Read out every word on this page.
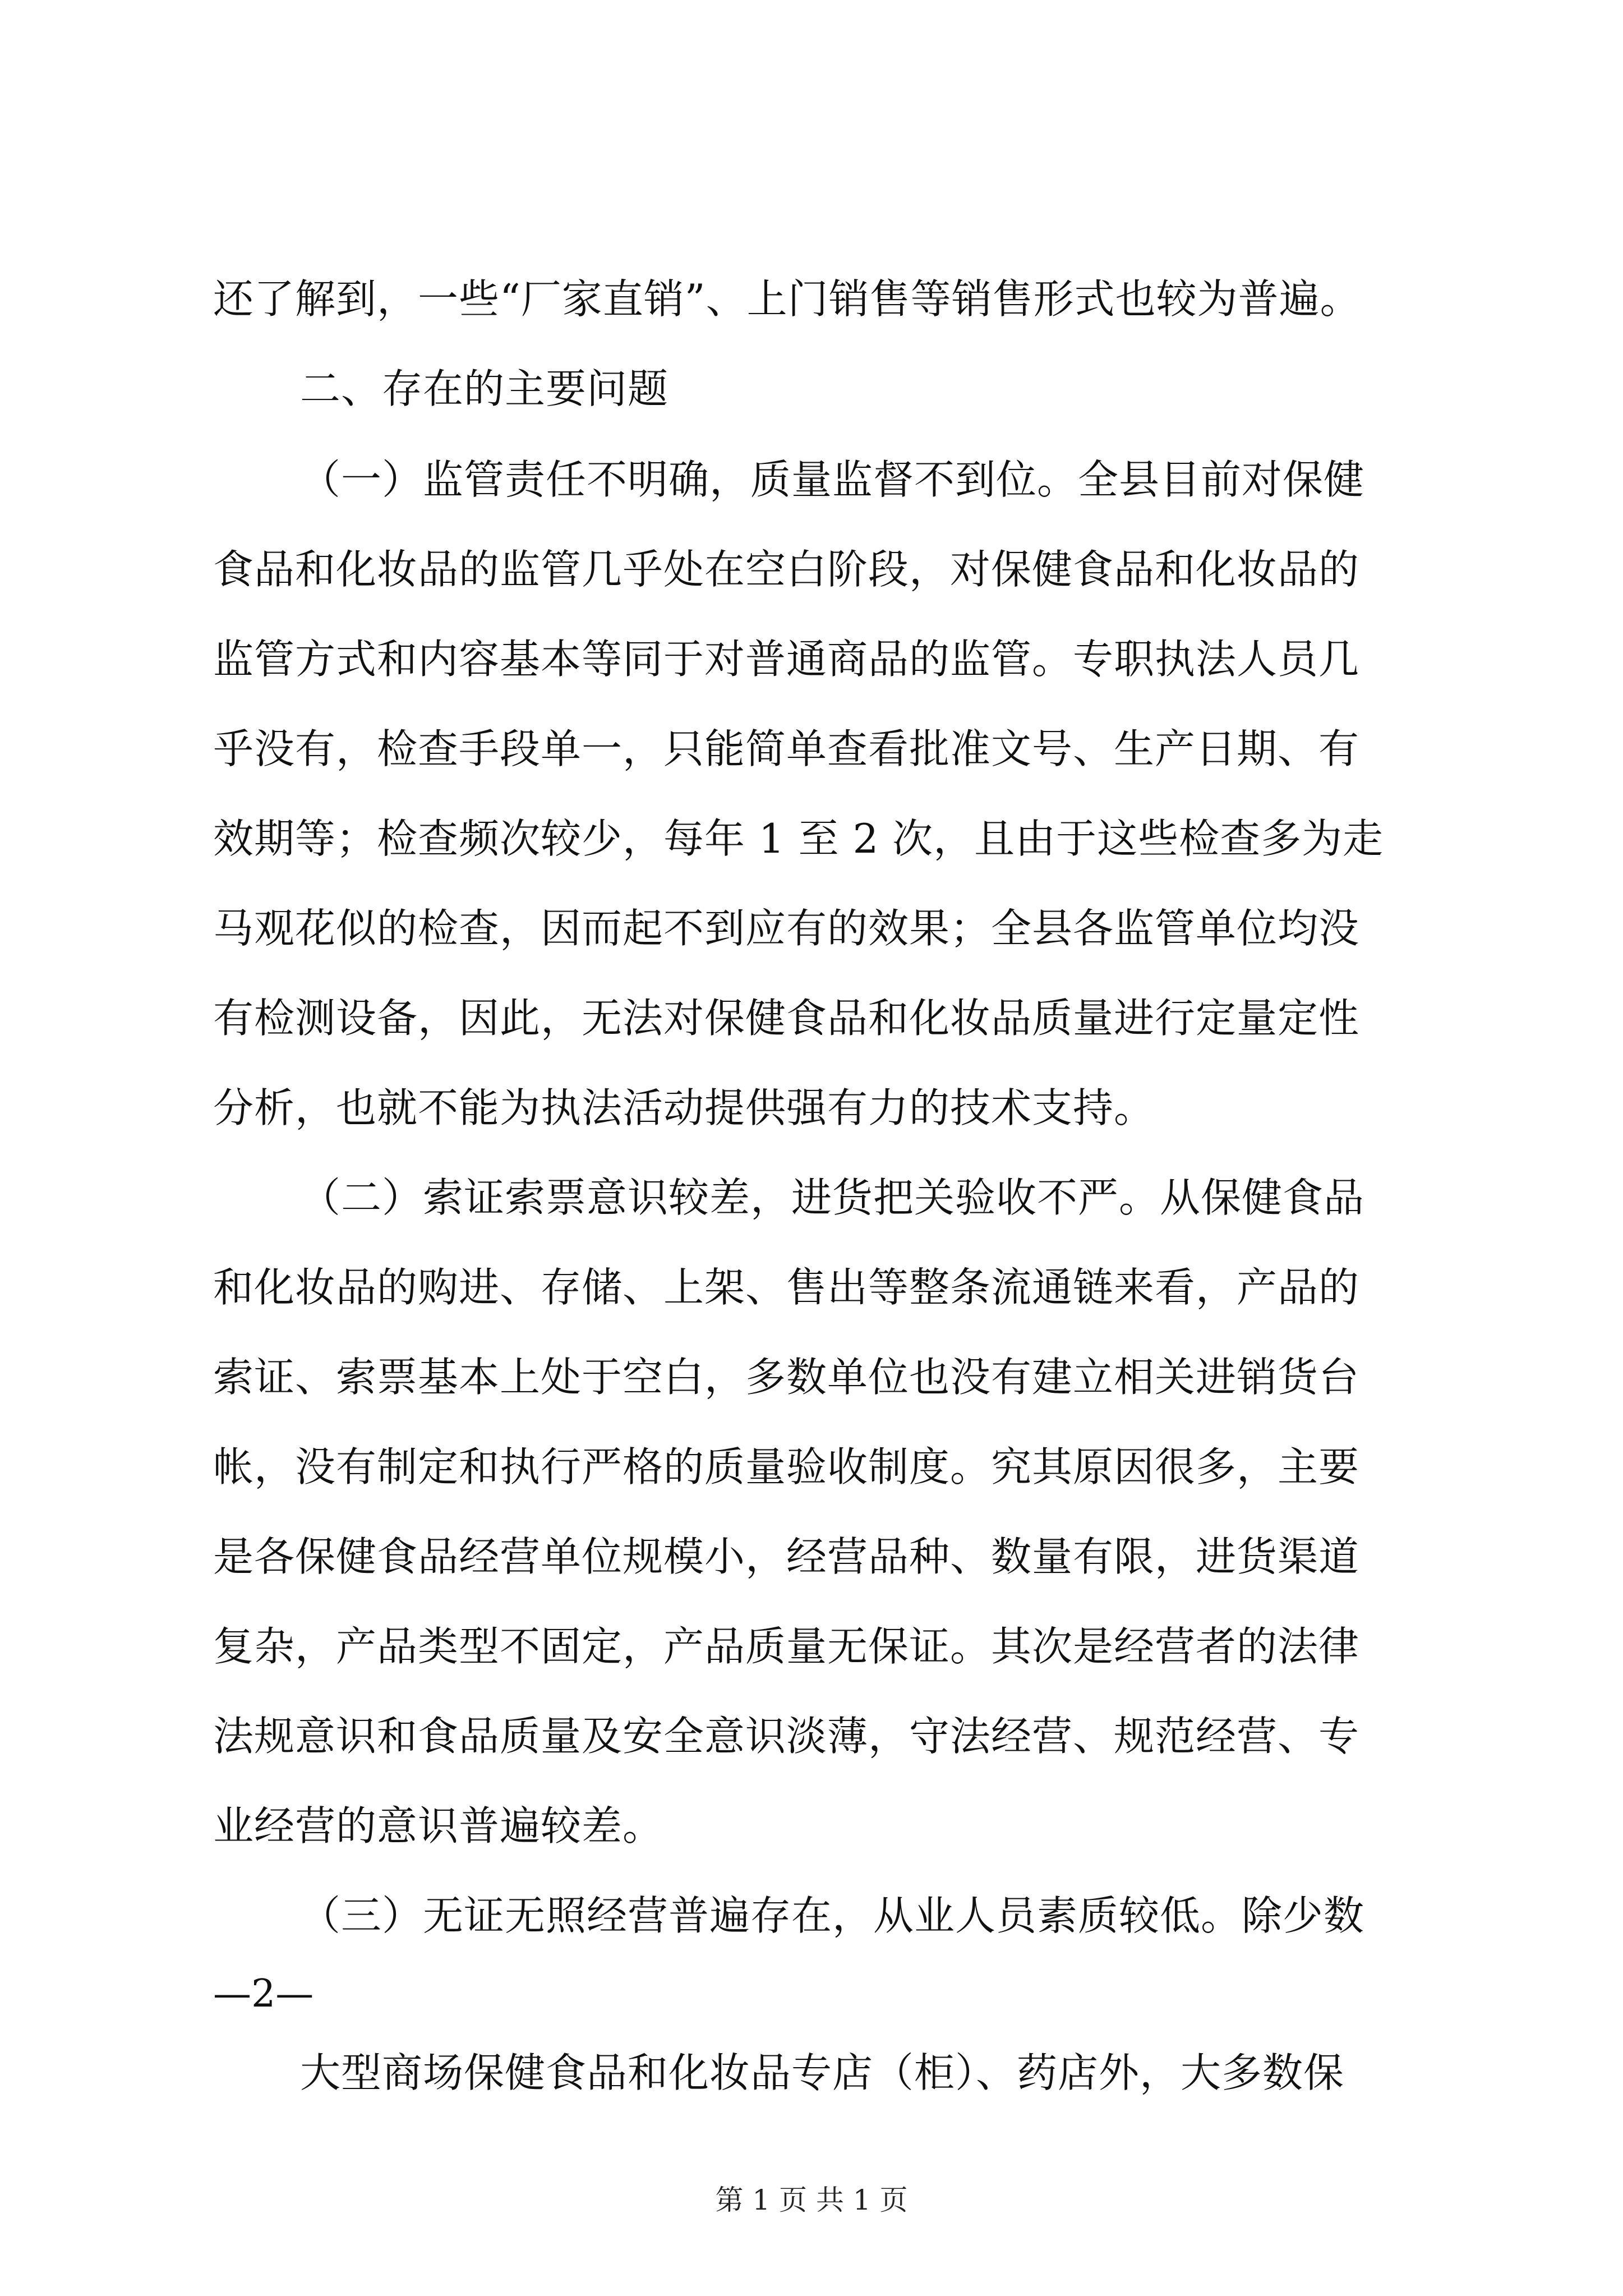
还了解到，一些“厂家直销”、上门销售等销售形式也较为普遍。
二、存在的主要问题
（一）监管责任不明确，质量监督不到位。全县目前对保健
食品和化妆品的监管几乎处在空白阶段，对保健食品和化妆品的
监管方式和内容基本等同于对普通商品的监管。专职执法人员几
乎没有，检查手段单一，只能简单查看批准文号、生产日期、有
效期等；检查频次较少，每年 1 至 2 次，且由于这些检查多为走
马观花似的检查，因而起不到应有的效果；全县各监管单位均没
有检测设备，因此，无法对保健食品和化妆品质量进行定量定性
分析，也就不能为执法活动提供强有力的技术支持。
（二）索证索票意识较差，进货把关验收不严。从保健食品
和化妆品的购进、存储、上架、售出等整条流通链来看，产品的
索证、索票基本上处于空白，多数单位也没有建立相关进销货台
帐，没有制定和执行严格的质量验收制度。究其原因很多，主要
是各保健食品经营单位规模小，经营品种、数量有限，进货渠道
复杂，产品类型不固定，产品质量无保证。其次是经营者的法律
法规意识和食品质量及安全意识淡薄，守法经营、规范经营、专
业经营的意识普遍较差。
（三）无证无照经营普遍存在，从业人员素质较低。除少数
—2—
大型商场保健食品和化妆品专店（柜）、药店外，大多数保
第 1 页 共 1 页
